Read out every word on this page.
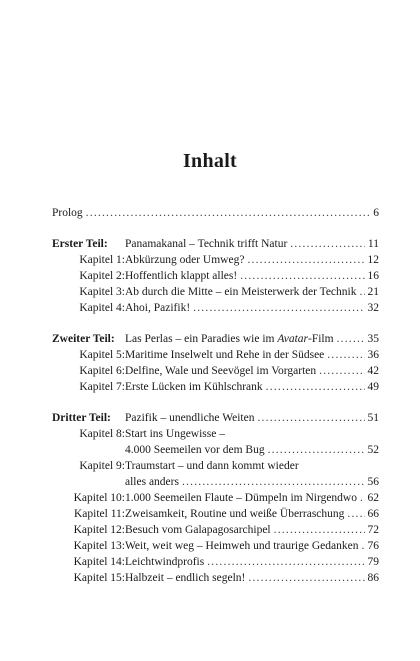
Inhalt
Prolog .....	6
Erster Teil:	Panamakanal – Technik trifft Natur .....	11
Kapitel 1: Abkürzung oder Umweg? .....	12
Kapitel 2: Hoffentlich klappt alles! .....	16
Kapitel 3: Ab durch die Mitte – ein Meisterwerk der Technik ..... 21
Kapitel 4: Ahoi, Pazifik! .....	32
Zweiter Teil: Las Perlas – ein Paradies wie im Avatar-Film .....	35
Kapitel 5: Maritime Inselwelt und Rehe in der Südsee .....	36
Kapitel 6: Delfine, Wale und Seevögel im Vorgarten .....	42
Kapitel 7: Erste Lücken im Kühlschrank .....	49
Dritter Teil:	Pazifik – unendliche Weiten .....	51
Kapitel 8: Start ins Ungewisse –
4.000 Seemeilen vor dem Bug .....	52
Kapitel 9: Traumstart – und dann kommt wieder
alles anders .....	56
Kapitel 10: 1.000 Seemeilen Flaute – Dümpeln im Nirgendwo ..... 62
Kapitel 11: Zweisamkeit, Routine und weiße Überraschung ..... 66
Kapitel 12: Besuch vom Galapagosarchipel .....	72
Kapitel 13: Weit, weit weg – Heimweh und traurige Gedanken ..... 76
Kapitel 14: Leichtwindprofis .....	79
Kapitel 15: Halbzeit – endlich segeln! .....	86
